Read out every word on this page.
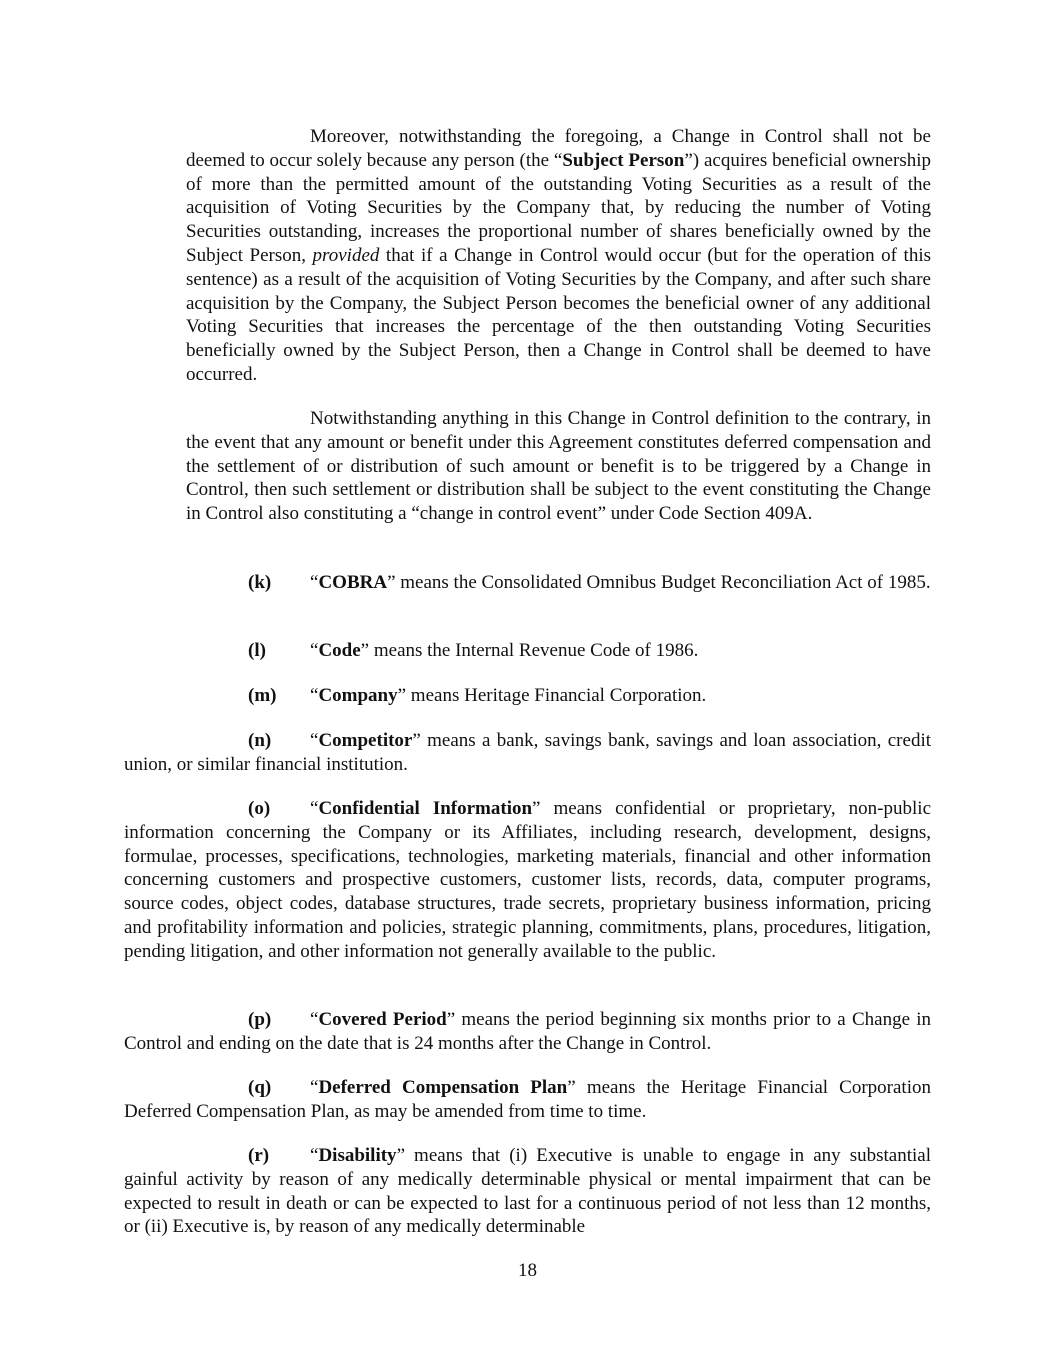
Moreover, notwithstanding the foregoing, a Change in Control shall not be deemed to occur solely because any person (the “Subject Person”) acquires beneficial ownership of more than the permitted amount of the outstanding Voting Securities as a result of the acquisition of Voting Securities by the Company that, by reducing the number of Voting Securities outstanding, increases the proportional number of shares beneficially owned by the Subject Person, provided that if a Change in Control would occur (but for the operation of this sentence) as a result of the acquisition of Voting Securities by the Company, and after such share acquisition by the Company, the Subject Person becomes the beneficial owner of any additional Voting Securities that increases the percentage of the then outstanding Voting Securities beneficially owned by the Subject Person, then a Change in Control shall be deemed to have occurred.

Notwithstanding anything in this Change in Control definition to the contrary, in the event that any amount or benefit under this Agreement constitutes deferred compensation and the settlement of or distribution of such amount or benefit is to be triggered by a Change in Control, then such settlement or distribution shall be subject to the event constituting the Change in Control also constituting a “change in control event” under Code Section 409A.

(k) “COBRA” means the Consolidated Omnibus Budget Reconciliation Act of 1985.

(l) “Code” means the Internal Revenue Code of 1986.

(m) “Company” means Heritage Financial Corporation.

(n) “Competitor” means a bank, savings bank, savings and loan association, credit union, or similar financial institution.

(o) “Confidential Information” means confidential or proprietary, non-public information concerning the Company or its Affiliates, including research, development, designs, formulae, processes, specifications, technologies, marketing materials, financial and other information concerning customers and prospective customers, customer lists, records, data, computer programs, source codes, object codes, database structures, trade secrets, proprietary business information, pricing and profitability information and policies, strategic planning, commitments, plans, procedures, litigation, pending litigation, and other information not generally available to the public.

(p) “Covered Period” means the period beginning six months prior to a Change in Control and ending on the date that is 24 months after the Change in Control.

(q) “Deferred Compensation Plan” means the Heritage Financial Corporation Deferred Compensation Plan, as may be amended from time to time.

(r) “Disability” means that (i) Executive is unable to engage in any substantial gainful activity by reason of any medically determinable physical or mental impairment that can be expected to result in death or can be expected to last for a continuous period of not less than 12 months, or (ii) Executive is, by reason of any medically determinable

18
